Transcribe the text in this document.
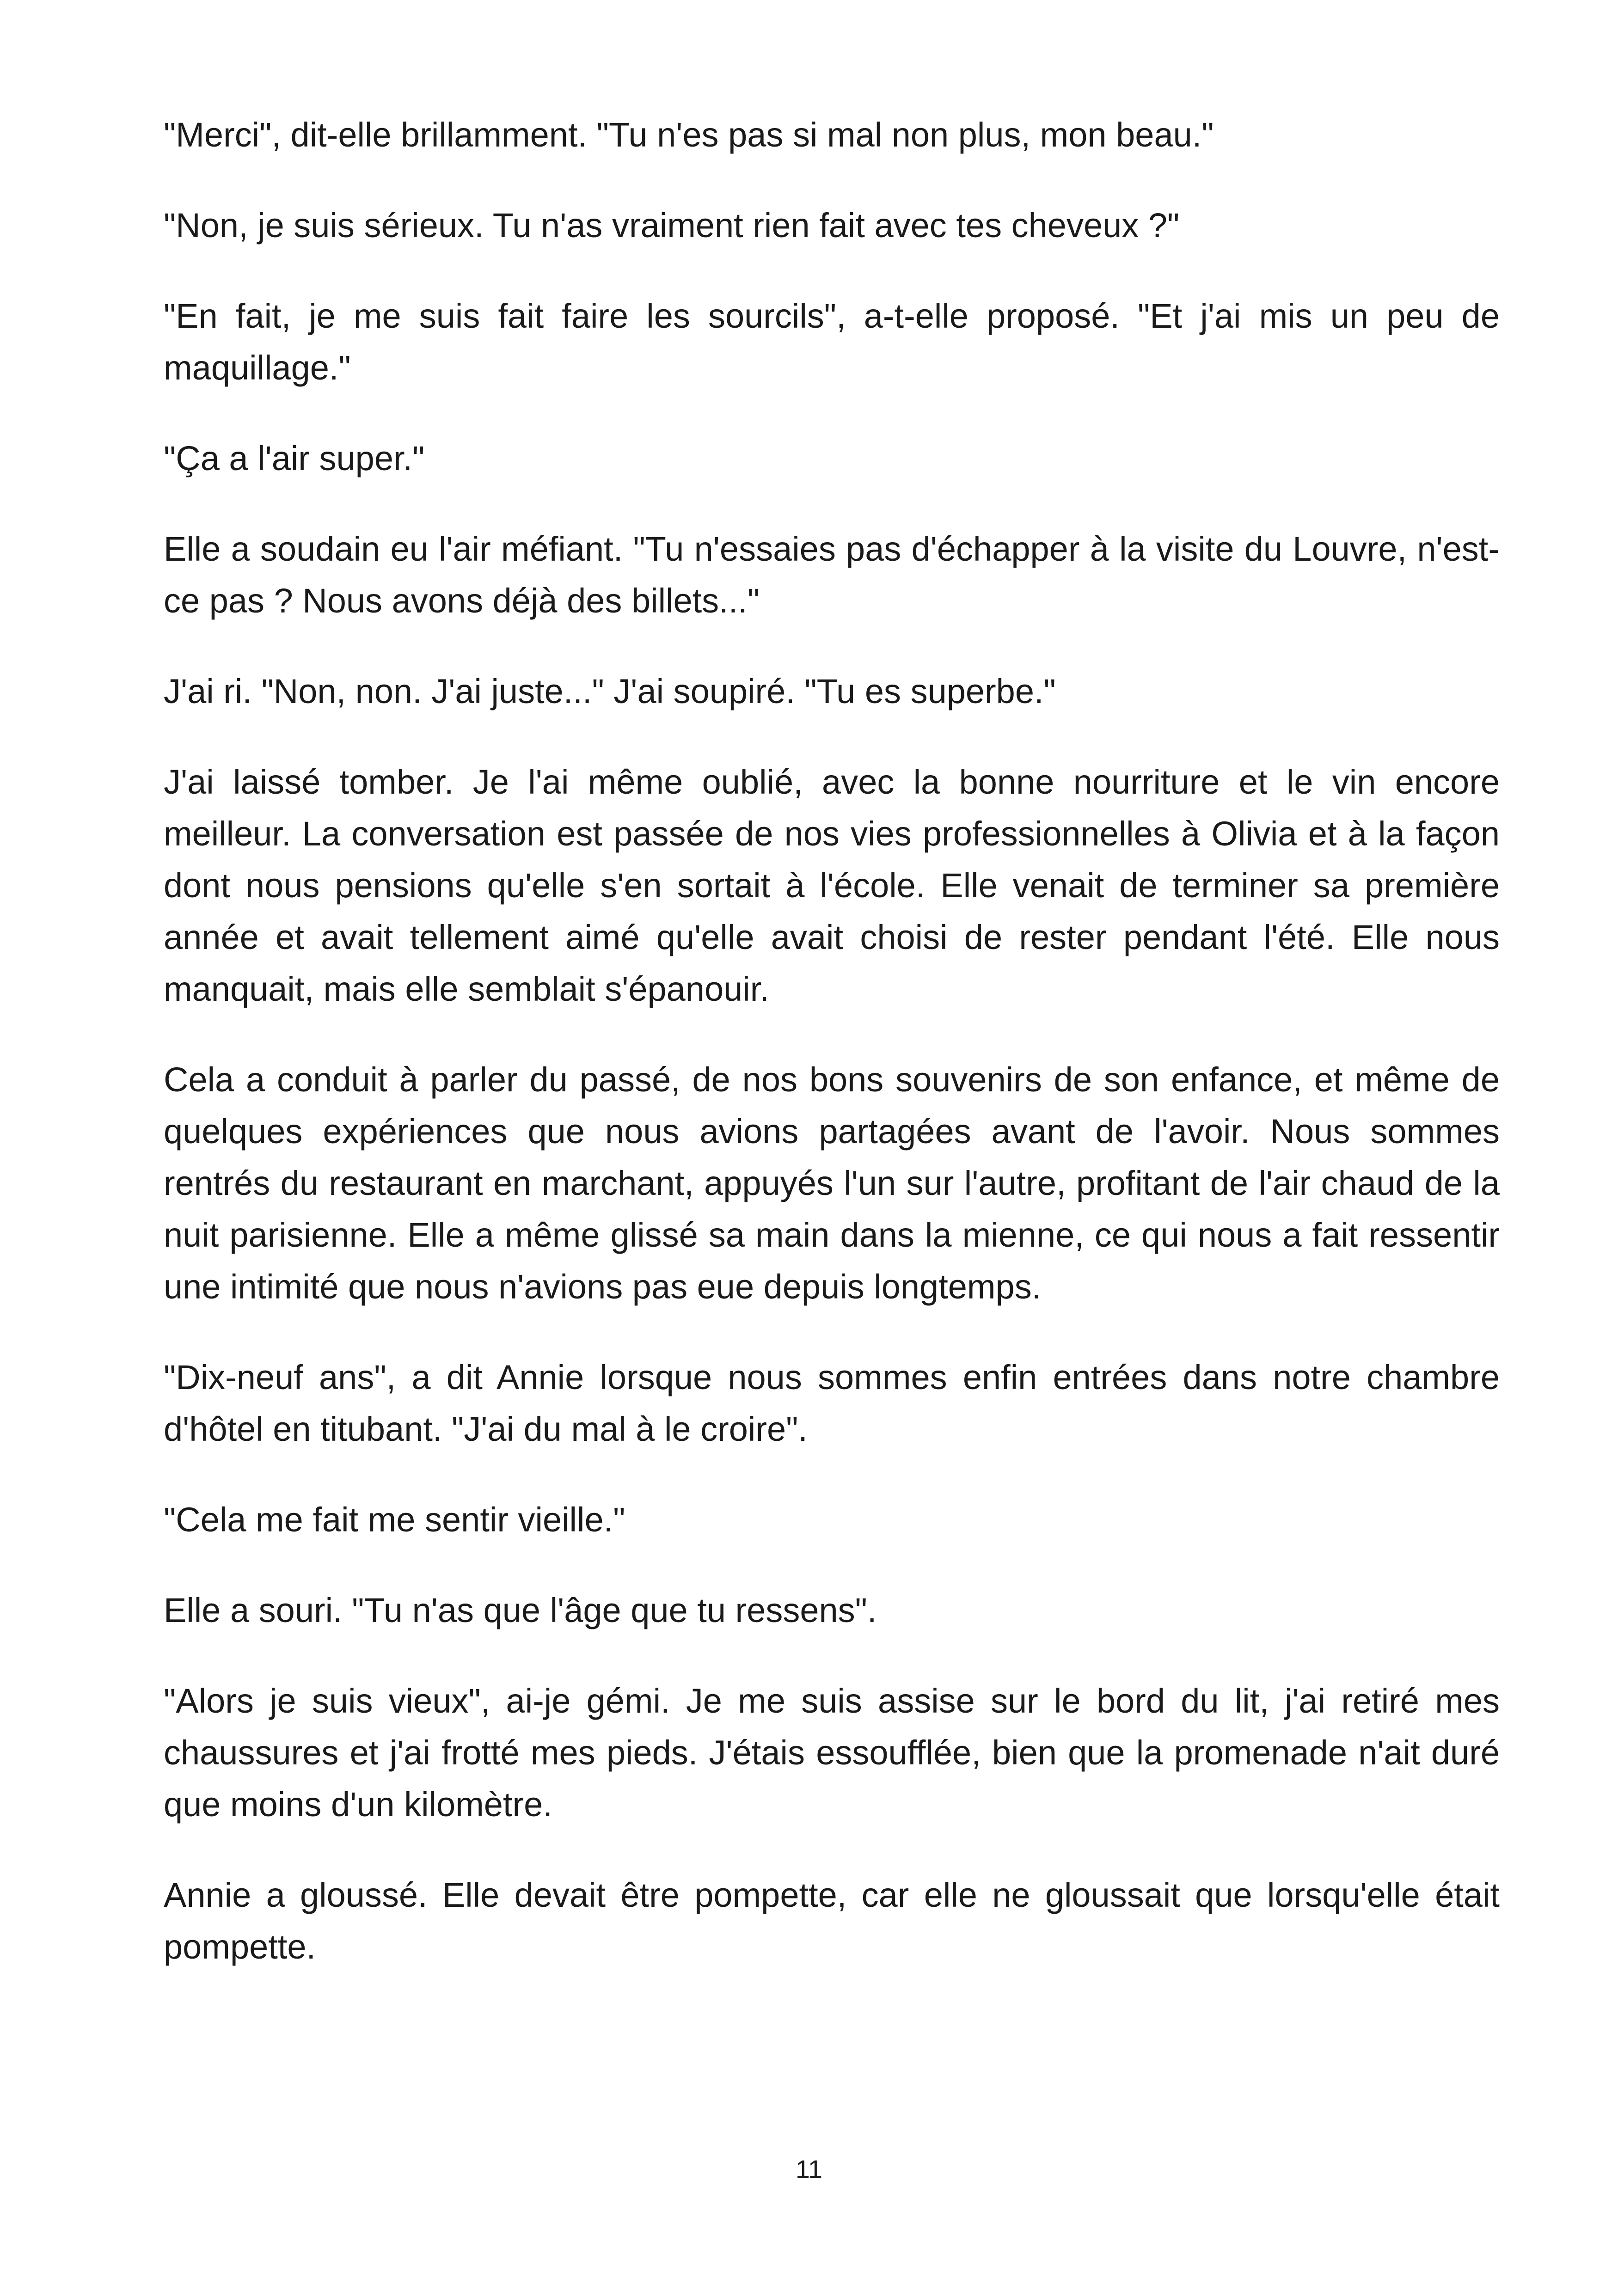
"Merci", dit-elle brillamment. "Tu n'es pas si mal non plus, mon beau."

"Non, je suis sérieux. Tu n'as vraiment rien fait avec tes cheveux ?"

"En fait, je me suis fait faire les sourcils", a-t-elle proposé. "Et j'ai mis un peu de maquillage."

"Ça a l'air super."

Elle a soudain eu l'air méfiant. "Tu n'essaies pas d'échapper à la visite du Louvre, n'est-ce pas ? Nous avons déjà des billets..."

J'ai ri. "Non, non. J'ai juste..." J'ai soupiré. "Tu es superbe."

J'ai laissé tomber. Je l'ai même oublié, avec la bonne nourriture et le vin encore meilleur. La conversation est passée de nos vies professionnelles à Olivia et à la façon dont nous pensions qu'elle s'en sortait à l'école. Elle venait de terminer sa première année et avait tellement aimé qu'elle avait choisi de rester pendant l'été. Elle nous manquait, mais elle semblait s'épanouir.

Cela a conduit à parler du passé, de nos bons souvenirs de son enfance, et même de quelques expériences que nous avions partagées avant de l'avoir. Nous sommes rentrés du restaurant en marchant, appuyés l'un sur l'autre, profitant de l'air chaud de la nuit parisienne. Elle a même glissé sa main dans la mienne, ce qui nous a fait ressentir une intimité que nous n'avions pas eue depuis longtemps.

"Dix-neuf ans", a dit Annie lorsque nous sommes enfin entrées dans notre chambre d'hôtel en titubant. "J'ai du mal à le croire".

"Cela me fait me sentir vieille."

Elle a souri. "Tu n'as que l'âge que tu ressens".

"Alors je suis vieux", ai-je gémi. Je me suis assise sur le bord du lit, j'ai retiré mes chaussures et j'ai frotté mes pieds. J'étais essoufflée, bien que la promenade n'ait duré que moins d'un kilomètre.

Annie a gloussé. Elle devait être pompette, car elle ne gloussait que lorsqu'elle était pompette.

11
